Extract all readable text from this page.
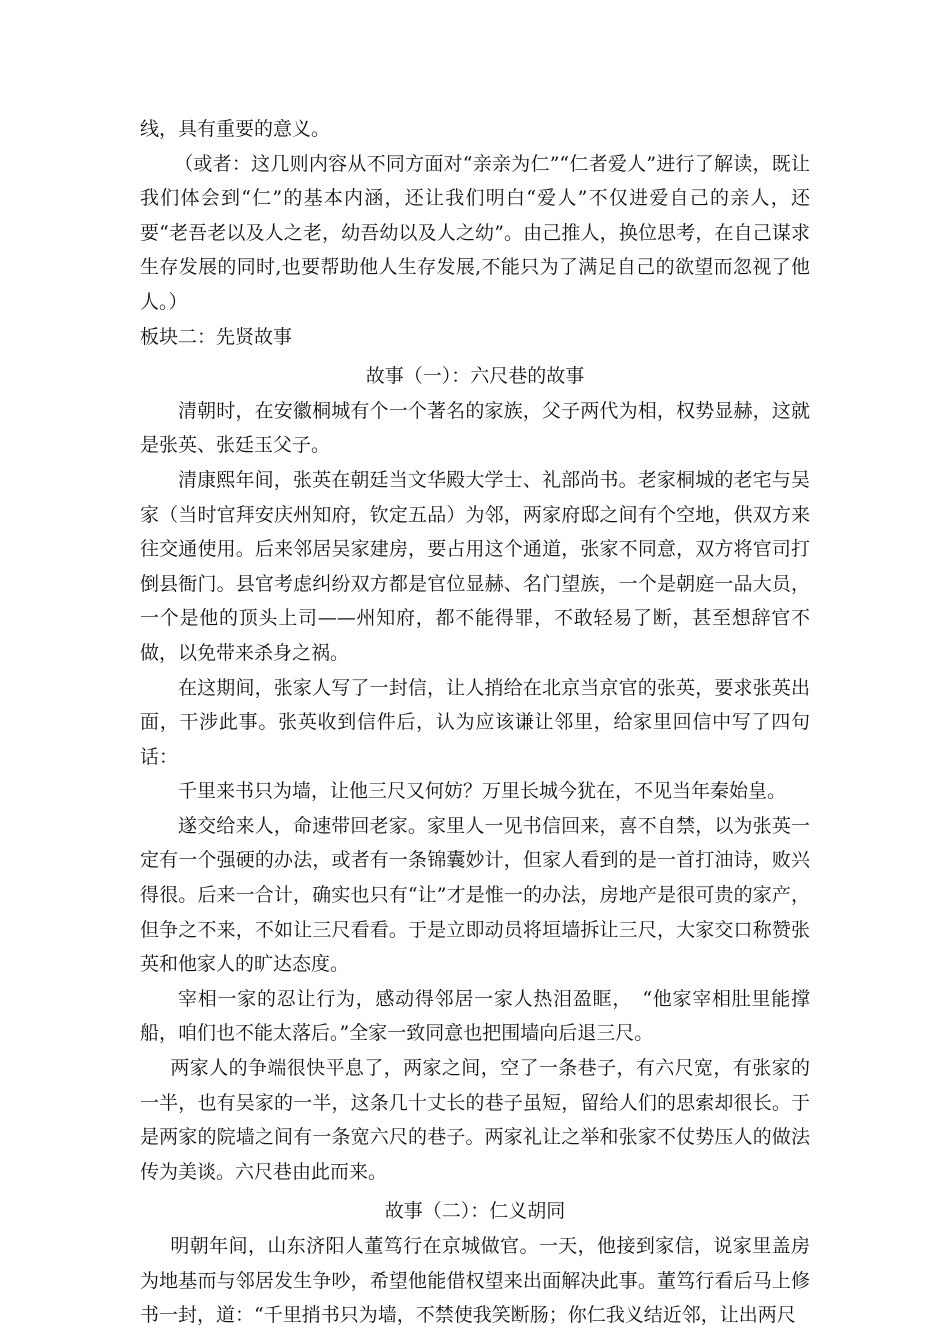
线，具有重要的意义。

（或者：这几则内容从不同方面对“亲亲为仁”“仁者爱人”进行了解读，既让我们体会到“仁”的基本内涵，还让我们明白“爱人”不仅进爱自己的亲人，还要“老吾老以及人之老，幼吾幼以及人之幼”。由己推人，换位思考，在自己谋求生存发展的同时,也要帮助他人生存发展,不能只为了满足自己的欲望而忽视了他人。）

板块二：先贤故事

故事（一）：六尺巷的故事

清朝时，在安徽桐城有个一个著名的家族，父子两代为相，权势显赫，这就是张英、张廷玉父子。

清康熙年间，张英在朝廷当文华殿大学士、礼部尚书。老家桐城的老宅与吴家（当时官拜安庆州知府，钦定五品）为邻，两家府邸之间有个空地，供双方来往交通使用。后来邻居吴家建房，要占用这个通道，张家不同意，双方将官司打倒县衙门。县官考虑纠纷双方都是官位显赫、名门望族，一个是朝庭一品大员，一个是他的顶头上司——州知府，都不能得罪，不敢轻易了断，甚至想辞官不做，以免带来杀身之祸。

在这期间，张家人写了一封信，让人捎给在北京当京官的张英，要求张英出面，干涉此事。张英收到信件后，认为应该谦让邻里，给家里回信中写了四句话：

千里来书只为墙，让他三尺又何妨？万里长城今犹在，不见当年秦始皇。

遂交给来人，命速带回老家。家里人一见书信回来，喜不自禁，以为张英一定有一个强硬的办法，或者有一条锦囊妙计，但家人看到的是一首打油诗，败兴得很。后来一合计，确实也只有“让”才是惟一的办法，房地产是很可贵的家产，但争之不来，不如让三尺看看。于是立即动员将垣墙拆让三尺，大家交口称赞张英和他家人的旷达态度。

宰相一家的忍让行为，感动得邻居一家人热泪盈眶，　“他家宰相肚里能撑船，咱们也不能太落后。”全家一致同意也把围墙向后退三尺。

两家人的争端很快平息了，两家之间，空了一条巷子，有六尺宽，有张家的一半，也有吴家的一半，这条几十丈长的巷子虽短，留给人们的思索却很长。于是两家的院墙之间有一条宽六尺的巷子。两家礼让之举和张家不仗势压人的做法传为美谈。六尺巷由此而来。

故事（二）：仁义胡同

明朝年间，山东济阳人董笃行在京城做官。一天，他接到家信，说家里盖房为地基而与邻居发生争吵，希望他能借权望来出面解决此事。董笃行看后马上修书一封，道：“千里捎书只为墙，不禁使我笑断肠；你仁我义结近邻，让出两尺
